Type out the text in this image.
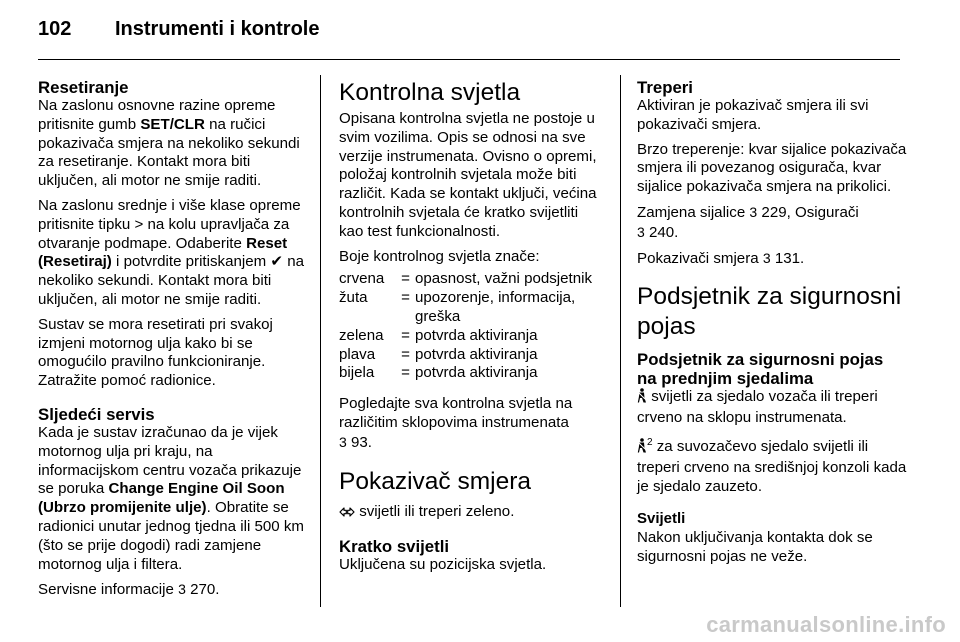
102	Instrumenti i kontrole
Resetiranje

Na zaslonu osnovne razine opreme pritisnite gumb SET/CLR na ručici pokazivača smjera na nekoliko sekundi za resetiranje. Kontakt mora biti uključen, ali motor ne smije raditi.

Na zaslonu srednje i više klase opreme pritisnite tipku > na kolu upravljača za otvaranje podmape. Odaberite Reset (Resetiraj) i potvrdite pritiskanjem ✔ na nekoliko sekundi. Kontakt mora biti uključen, ali motor ne smije raditi.

Sustav se mora resetirati pri svakoj izmjeni motornog ulja kako bi se omogućilo pravilno funkcioniranje. Zatražite pomoć radionice.

Sljedeći servis

Kada je sustav izračunao da je vijek motornog ulja pri kraju, na informacijskom centru vozača prikazuje se poruka Change Engine Oil Soon (Ubrzo promijenite ulje). Obratite se radionici unutar jednog tjedna ili 500 km (što se prije dogodi) radi zamjene motornog ulja i filtera.

Servisne informacije 3 270.

Kontrolna svjetla

Opisana kontrolna svjetla ne postoje u svim vozilima. Opis se odnosi na sve verzije instrumenata. Ovisno o opremi, položaj kontrolnih svjetala može biti različit. Kada se kontakt uključi, većina kontrolnih svjetala će kratko svijetliti kao test funkcionalnosti.

Boje kontrolnog svjetla znače:

crvena	=	opasnost, važni podsjetnik
žuta	=	upozorenje, informacija, greška
zelena	=	potvrda aktiviranja
plava	=	potvrda aktiviranja
bijela	=	potvrda aktiviranja

Pogledajte sva kontrolna svjetla na različitim sklopovima instrumenata
3 93.

Pokazivač smjera

svijetli ili treperi zeleno.

Kratko svijetli

Uključena su pozicijska svjetla.

Treperi

Aktiviran je pokazivač smjera ili svi pokazivači smjera.

Brzo treperenje: kvar sijalice pokazivača smjera ili povezanog osigurača, kvar sijalice pokazivača smjera na prikolici.

Zamjena sijalice 3 229, Osigurači
3 240.

Pokazivači smjera 3 131.

Podsjetnik za sigurnosni pojas
Podsjetnik za sigurnosni pojas na prednjim sjedalima

svijetli za sjedalo vozača ili treperi crveno na sklopu instrumenata.

$^2$ za suvozačevo sjedalo svijetli ili treperi crveno na središnjoj konzoli kada je sjedalo zauzeto.

Svijetli

Nakon uključivanja kontakta dok se sigurnosni pojas ne veže.

carmanualsonline.info
